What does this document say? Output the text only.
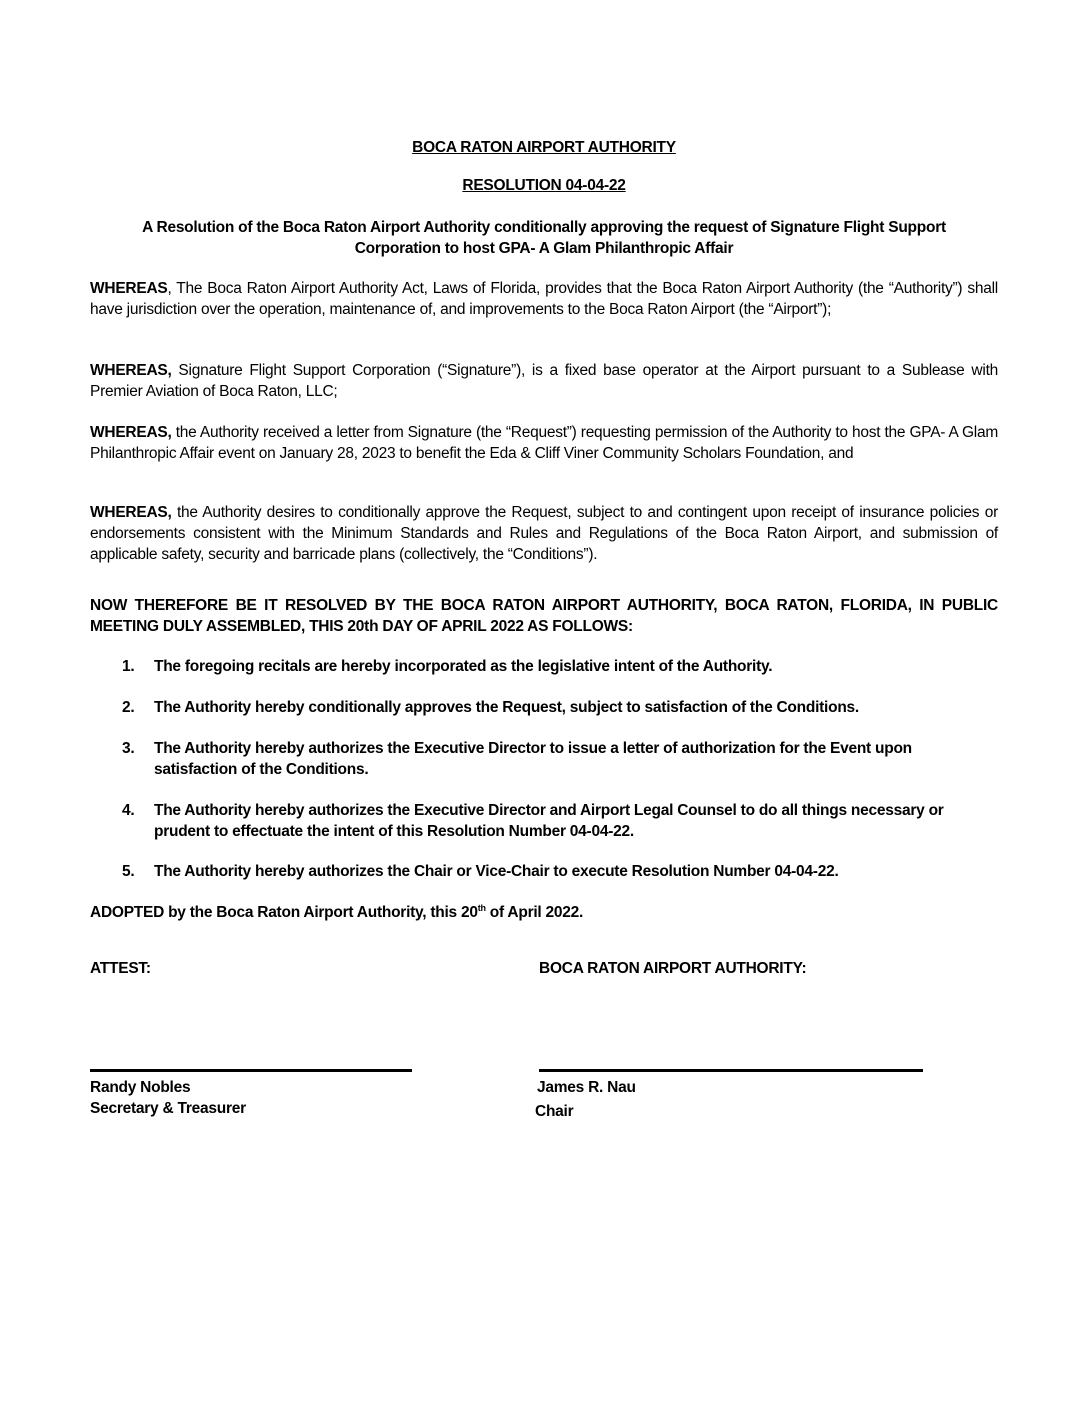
BOCA RATON AIRPORT AUTHORITY
RESOLUTION 04-04-22
A Resolution of the Boca Raton Airport Authority conditionally approving the request of Signature Flight Support Corporation to host GPA- A Glam Philanthropic Affair
WHEREAS, The Boca Raton Airport Authority Act, Laws of Florida, provides that the Boca Raton Airport Authority (the “Authority”) shall have jurisdiction over the operation, maintenance of, and improvements to the Boca Raton Airport (the “Airport”);
WHEREAS, Signature Flight Support Corporation (“Signature”), is a fixed base operator at the Airport pursuant to a Sublease with Premier Aviation of Boca Raton, LLC;
WHEREAS, the Authority received a letter from Signature (the “Request”) requesting permission of the Authority to host the GPA- A Glam Philanthropic Affair event on January 28, 2023 to benefit the Eda & Cliff Viner Community Scholars Foundation, and
WHEREAS, the Authority desires to conditionally approve the Request, subject to and contingent upon receipt of insurance policies or endorsements consistent with the Minimum Standards and Rules and Regulations of the Boca Raton Airport, and submission of applicable safety, security and barricade plans (collectively, the “Conditions”).
NOW THEREFORE BE IT RESOLVED BY THE BOCA RATON AIRPORT AUTHORITY, BOCA RATON, FLORIDA, IN PUBLIC MEETING DULY ASSEMBLED, THIS 20th DAY OF APRIL 2022 AS FOLLOWS:
1. The foregoing recitals are hereby incorporated as the legislative intent of the Authority.
2. The Authority hereby conditionally approves the Request, subject to satisfaction of the Conditions.
3. The Authority hereby authorizes the Executive Director to issue a letter of authorization for the Event upon satisfaction of the Conditions.
4. The Authority hereby authorizes the Executive Director and Airport Legal Counsel to do all things necessary or prudent to effectuate the intent of this Resolution Number 04-04-22.
5. The Authority hereby authorizes the Chair or Vice-Chair to execute Resolution Number 04-04-22.
ADOPTED by the Boca Raton Airport Authority, this 20th of April 2022.
ATTEST:	BOCA RATON AIRPORT AUTHORITY:
Randy Nobles
Secretary & Treasurer
James R. Nau
Chair
